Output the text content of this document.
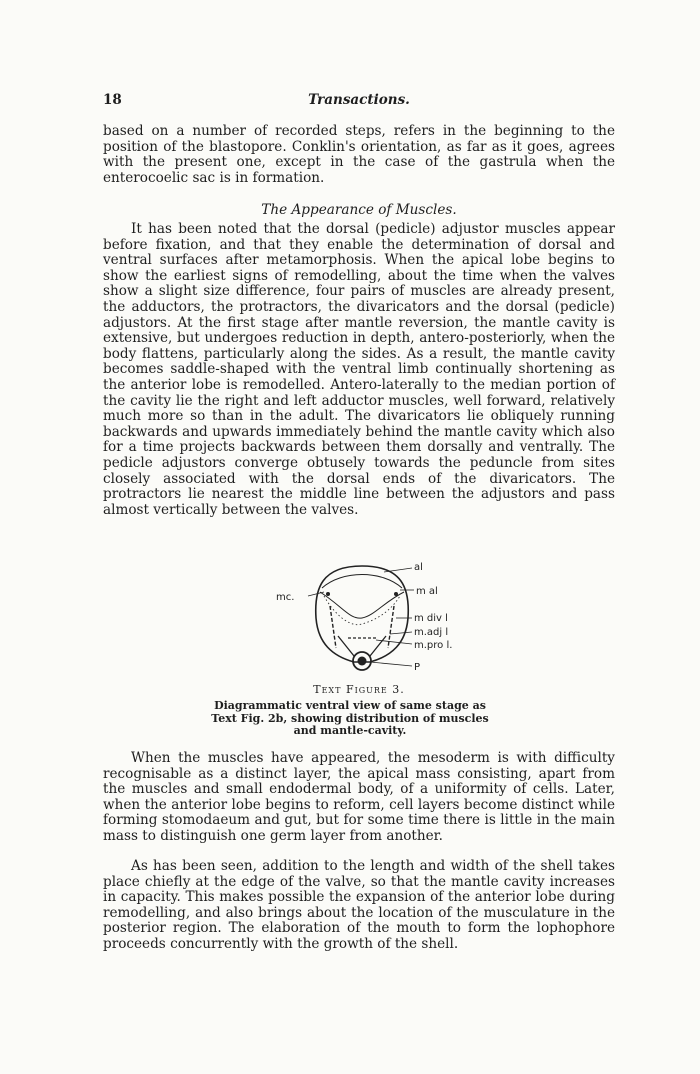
18	Transactions.

based on a number of recorded steps, refers in the beginning to the position of the blastopore. Conklin's orientation, as far as it goes, agrees with the present one, except in the case of the gastrula when the enterocoelic sac is in formation.

The Appearance of Muscles.

It has been noted that the dorsal (pedicle) adjustor muscles appear before fixation, and that they enable the determination of dorsal and ventral surfaces after metamorphosis. When the apical lobe begins to show the earliest signs of remodelling, about the time when the valves show a slight size difference, four pairs of muscles are already present, the adductors, the protractors, the divaricators and the dorsal (pedicle) adjustors. At the first stage after mantle reversion, the mantle cavity is extensive, but undergoes reduction in depth, antero-posteriorly, when the body flattens, particularly along the sides. As a result, the mantle cavity becomes saddle-shaped with the ventral limb continually shortening as the anterior lobe is remodelled. Antero-laterally to the median portion of the cavity lie the right and left adductor muscles, well forward, relatively much more so than in the adult. The divaricators lie obliquely running backwards and upwards immediately behind the mantle cavity which also for a time projects backwards between them dorsally and ventrally. The pedicle adjustors converge obtusely towards the peduncle from sites closely associated with the dorsal ends of the divaricators. The protractors lie nearest the middle line between the adjustors and pass almost vertically between the valves.

al
mc.
m al
m div l
m.adj l
m.pro l.
P
Text Figure 3.
Diagrammatic ventral view of same stage as Text Fig. 2b, showing distribution of muscles and mantle-cavity.

When the muscles have appeared, the mesoderm is with difficulty recognisable as a distinct layer, the apical mass consisting, apart from the muscles and small endodermal body, of a uniformity of cells. Later, when the anterior lobe begins to reform, cell layers become distinct while forming stomodaeum and gut, but for some time there is little in the main mass to distinguish one germ layer from another.

As has been seen, addition to the length and width of the shell takes place chiefly at the edge of the valve, so that the mantle cavity increases in capacity. This makes possible the expansion of the anterior lobe during remodelling, and also brings about the location of the musculature in the posterior region. The elaboration of the mouth to form the lophophore proceeds concurrently with the growth of the shell.
